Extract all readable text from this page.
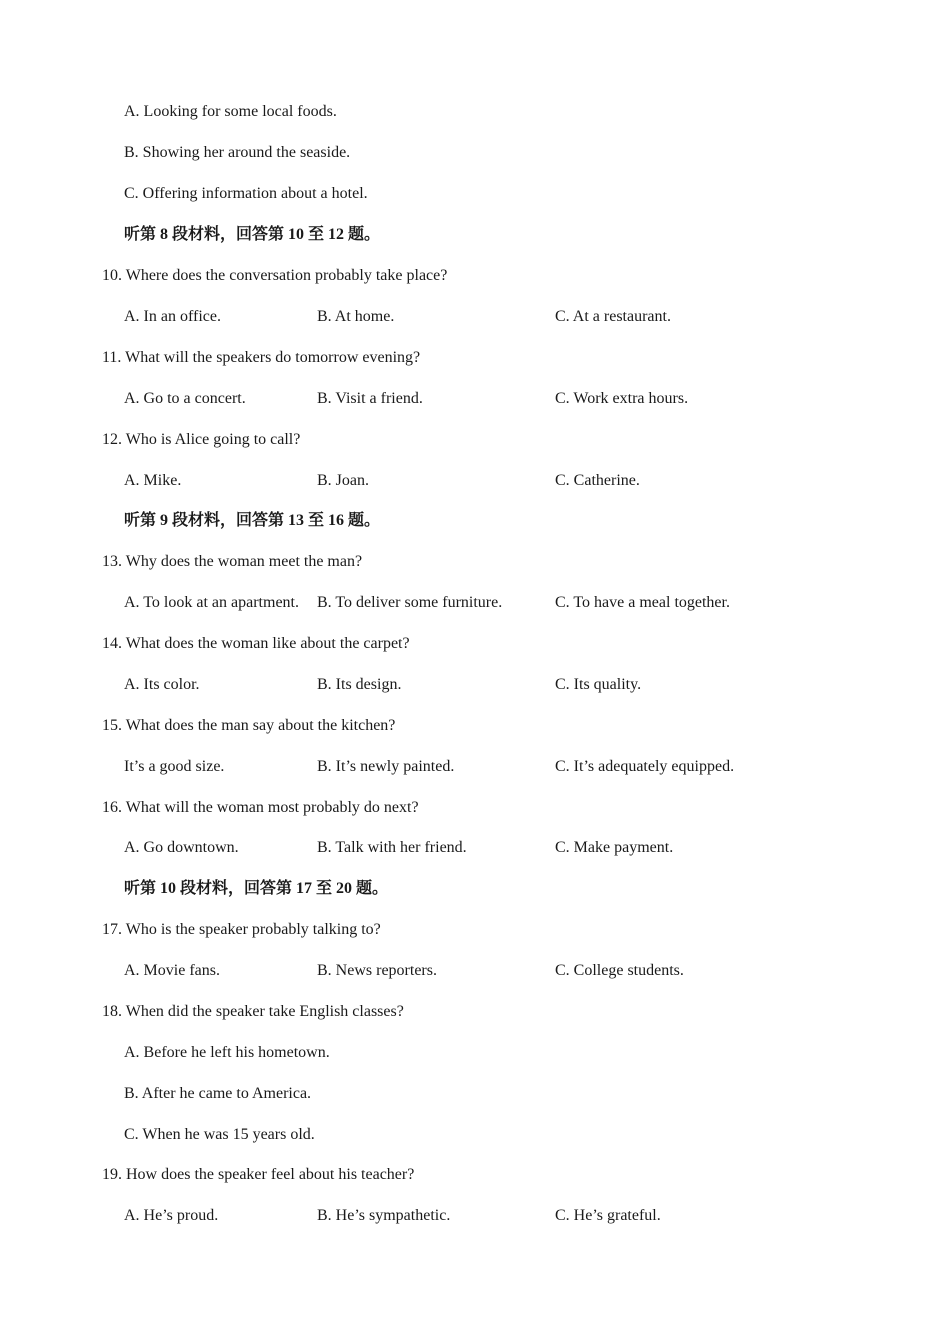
A. Looking for some local foods.
B. Showing her around the seaside.
C. Offering information about a hotel.
听第 8 段材料，回答第 10 至 12 题。
10. Where does the conversation probably take place?
A. In an office.	B. At home.	C. At a restaurant.
11. What will the speakers do tomorrow evening?
A. Go to a concert.	B. Visit a friend.	C. Work extra hours.
12. Who is Alice going to call?
A. Mike.	B. Joan.	C. Catherine.
听第 9 段材料，回答第 13 至 16 题。
13. Why does the woman meet the man?
A. To look at an apartment. B. To deliver some furniture.	C. To have a meal together.
14. What does the woman like about the carpet?
A. Its color.	B. Its design.	C. Its quality.
15. What does the man say about the kitchen?
It’s a good size.	B. It’s newly painted.	C. It’s adequately equipped.
16. What will the woman most probably do next?
A. Go downtown.	B. Talk with her friend.	C. Make payment.
听第 10 段材料，回答第 17 至 20 题。
17. Who is the speaker probably talking to?
A. Movie fans.	B. News reporters.	C. College students.
18. When did the speaker take English classes?
A. Before he left his hometown.
B. After he came to America.
C. When he was 15 years old.
19. How does the speaker feel about his teacher?
A. He’s proud.	B. He’s sympathetic.	C. He’s grateful.
